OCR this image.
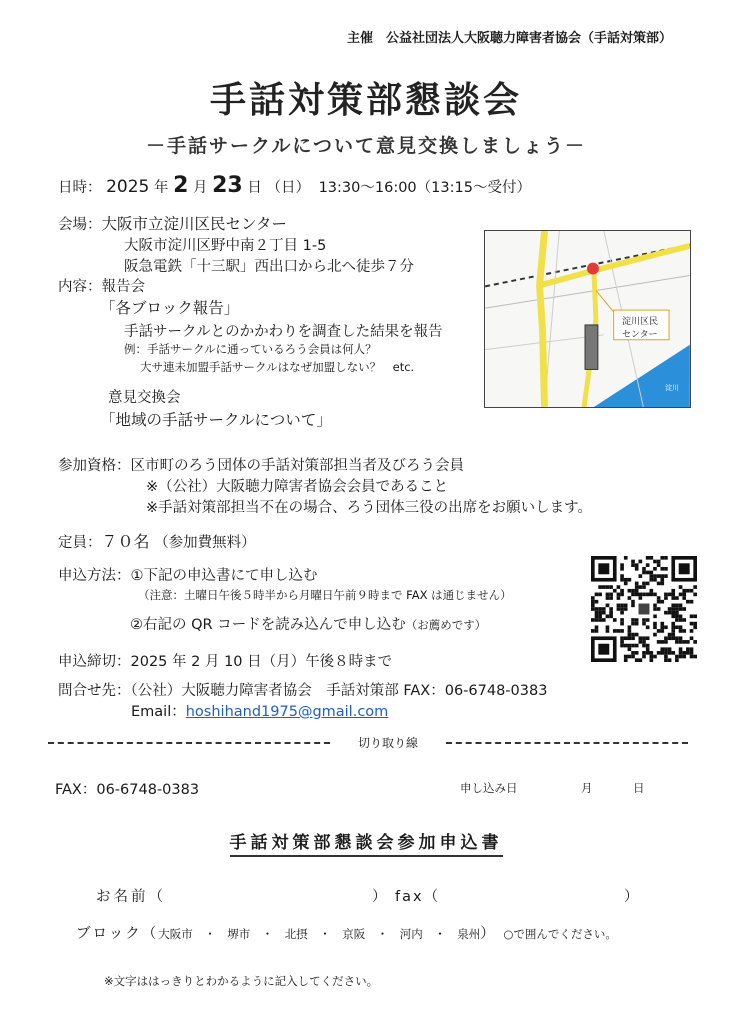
主催　公益社団法人大阪聴力障害者協会（手話対策部）
手話対策部懇談会
－手話サークルについて意見交換しましょう－
日時： 2025 年 2 月 23 日 （日） 13:30～16:00（13:15～受付）
会場：大阪市立淀川区民センター
大阪市淀川区野中南２丁目 1-5
阪急電鉄「十三駅」西出口から北へ徒歩７分
淀川区民
センター
淀川
内容：報告会
「各ブロック報告」
手話サークルとのかかわりを調査した結果を報告
例：手話サークルに通っているろう会員は何人？
大サ連未加盟手話サークルはなぜ加盟しない？　etc.
意見交換会
「地域の手話サークルについて」
参加資格：区市町のろう団体の手話対策部担当者及びろう会員
※（公社）大阪聴力障害者協会会員であること
※手話対策部担当不在の場合、ろう団体三役の出席をお願いします。
定員：７０名 （参加費無料）
申込方法：①下記の申込書にて申し込む
（注意：土曜日午後５時半から月曜日午前９時まで FAX は通じません）
②右記の QR コードを読み込んで申し込む（お薦めです）
申込締切：2025 年 2 月 10 日（月）午後８時まで
問合せ先：（公社）大阪聴力障害者協会　手話対策部 FAX：06-6748-0383
Email：hoshihand1975@gmail.com
切り取り線
FAX：06-6748-0383	申し込み日	月	日
手話対策部懇談会参加申込書
お名前（	） fax（	）
ブロック（大阪市　・　堺市　・　北摂　・　京阪　・　河内　・　泉州） ○で囲んでください。
※文字ははっきりとわかるように記入してください。
